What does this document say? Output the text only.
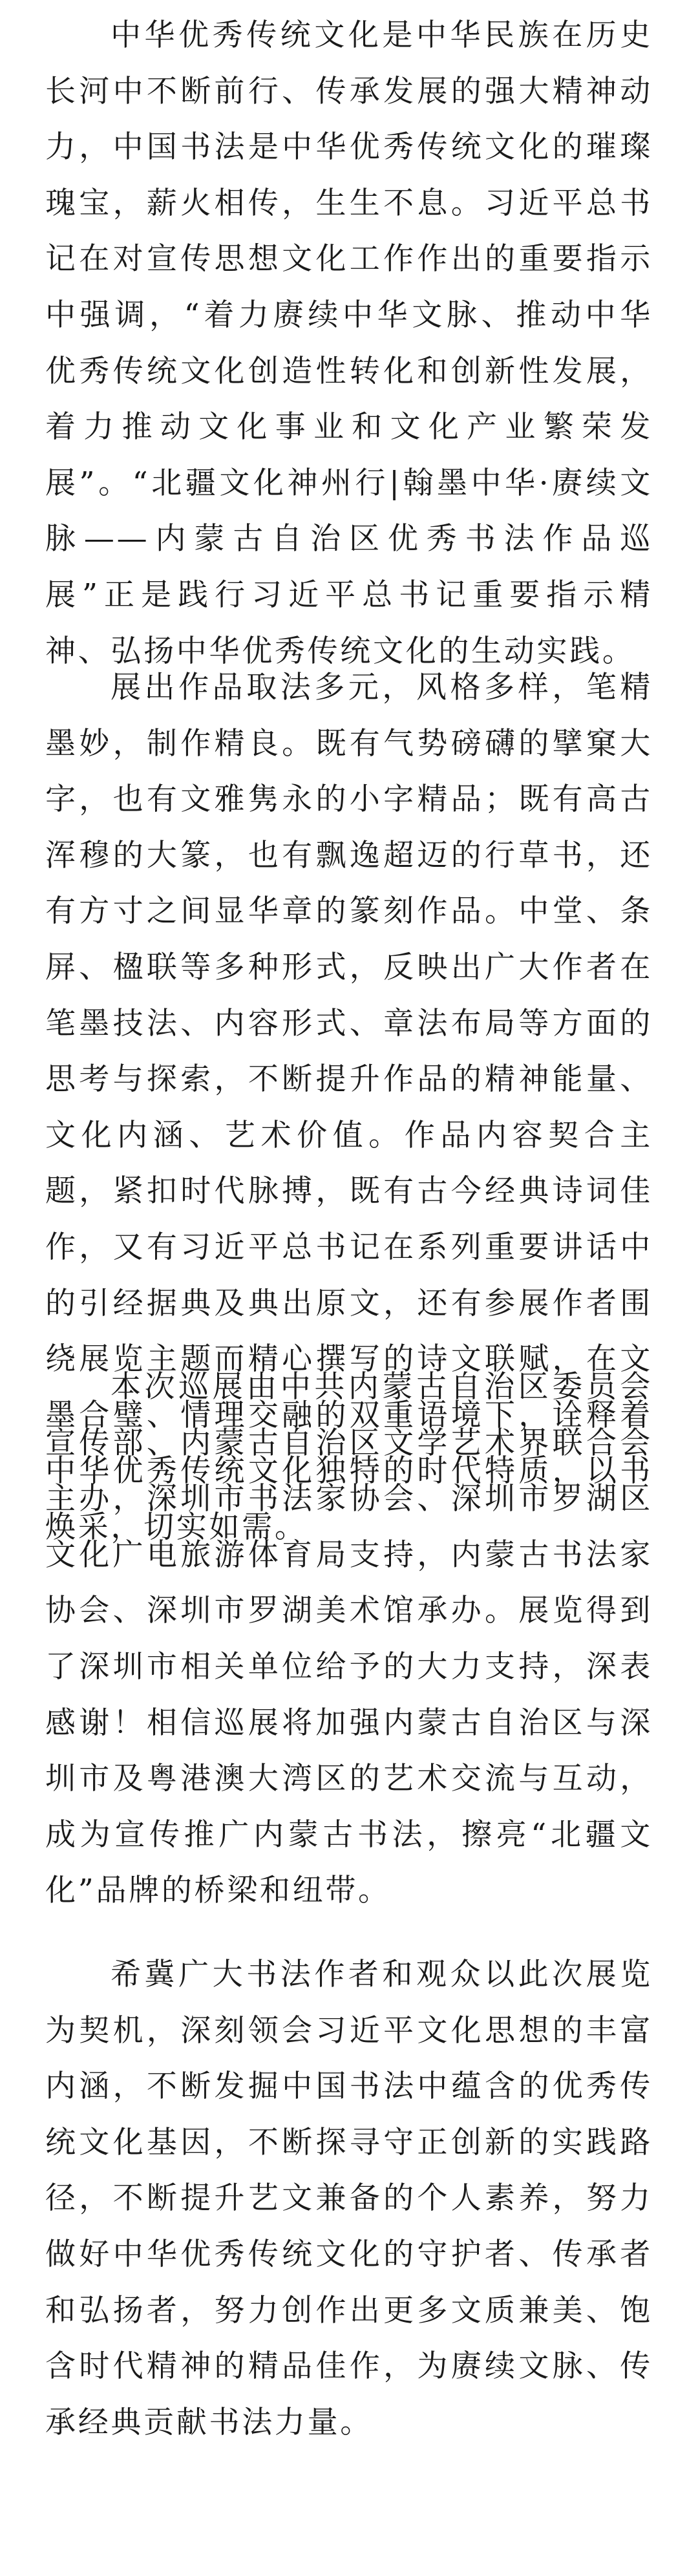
中华优秀传统文化是中华民族在历史长河中不断前行、传承发展的强大精神动力，中国书法是中华优秀传统文化的璀璨瑰宝，薪火相传，生生不息。习近平总书记在对宣传思想文化工作作出的重要指示中强调，“着力赓续中华文脉、推动中华优秀传统文化创造性转化和创新性发展，着力推动文化事业和文化产业繁荣发展”。“北疆文化神州行|翰墨中华·赓续文脉——内蒙古自治区优秀书法作品巡展”正是践行习近平总书记重要指示精神、弘扬中华优秀传统文化的生动实践。

展出作品取法多元，风格多样，笔精墨妙，制作精良。既有气势磅礴的擘窠大字，也有文雅隽永的小字精品；既有高古浑穆的大篆，也有飘逸超迈的行草书，还有方寸之间显华章的篆刻作品。中堂、条屏、楹联等多种形式，反映出广大作者在笔墨技法、内容形式、章法布局等方面的思考与探索，不断提升作品的精神能量、文化内涵、艺术价值。作品内容契合主题，紧扣时代脉搏，既有古今经典诗词佳作，又有习近平总书记在系列重要讲话中的引经据典及典出原文，还有参展作者围绕展览主题而精心撰写的诗文联赋，在文墨合璧、情理交融的双重语境下，诠释着中华优秀传统文化独特的时代特质，以书焕采，切实如需。

本次巡展由中共内蒙古自治区委员会宣传部、内蒙古自治区文学艺术界联合会主办，深圳市书法家协会、深圳市罗湖区文化广电旅游体育局支持，内蒙古书法家协会、深圳市罗湖美术馆承办。展览得到了深圳市相关单位给予的大力支持，深表感谢！相信巡展将加强内蒙古自治区与深圳市及粤港澳大湾区的艺术交流与互动，成为宣传推广内蒙古书法，擦亮“北疆文化”品牌的桥梁和纽带。

希冀广大书法作者和观众以此次展览为契机，深刻领会习近平文化思想的丰富内涵，不断发掘中国书法中蕴含的优秀传统文化基因，不断探寻守正创新的实践路径，不断提升艺文兼备的个人素养，努力做好中华优秀传统文化的守护者、传承者和弘扬者，努力创作出更多文质兼美、饱含时代精神的精品佳作，为赓续文脉、传承经典贡献书法力量。
